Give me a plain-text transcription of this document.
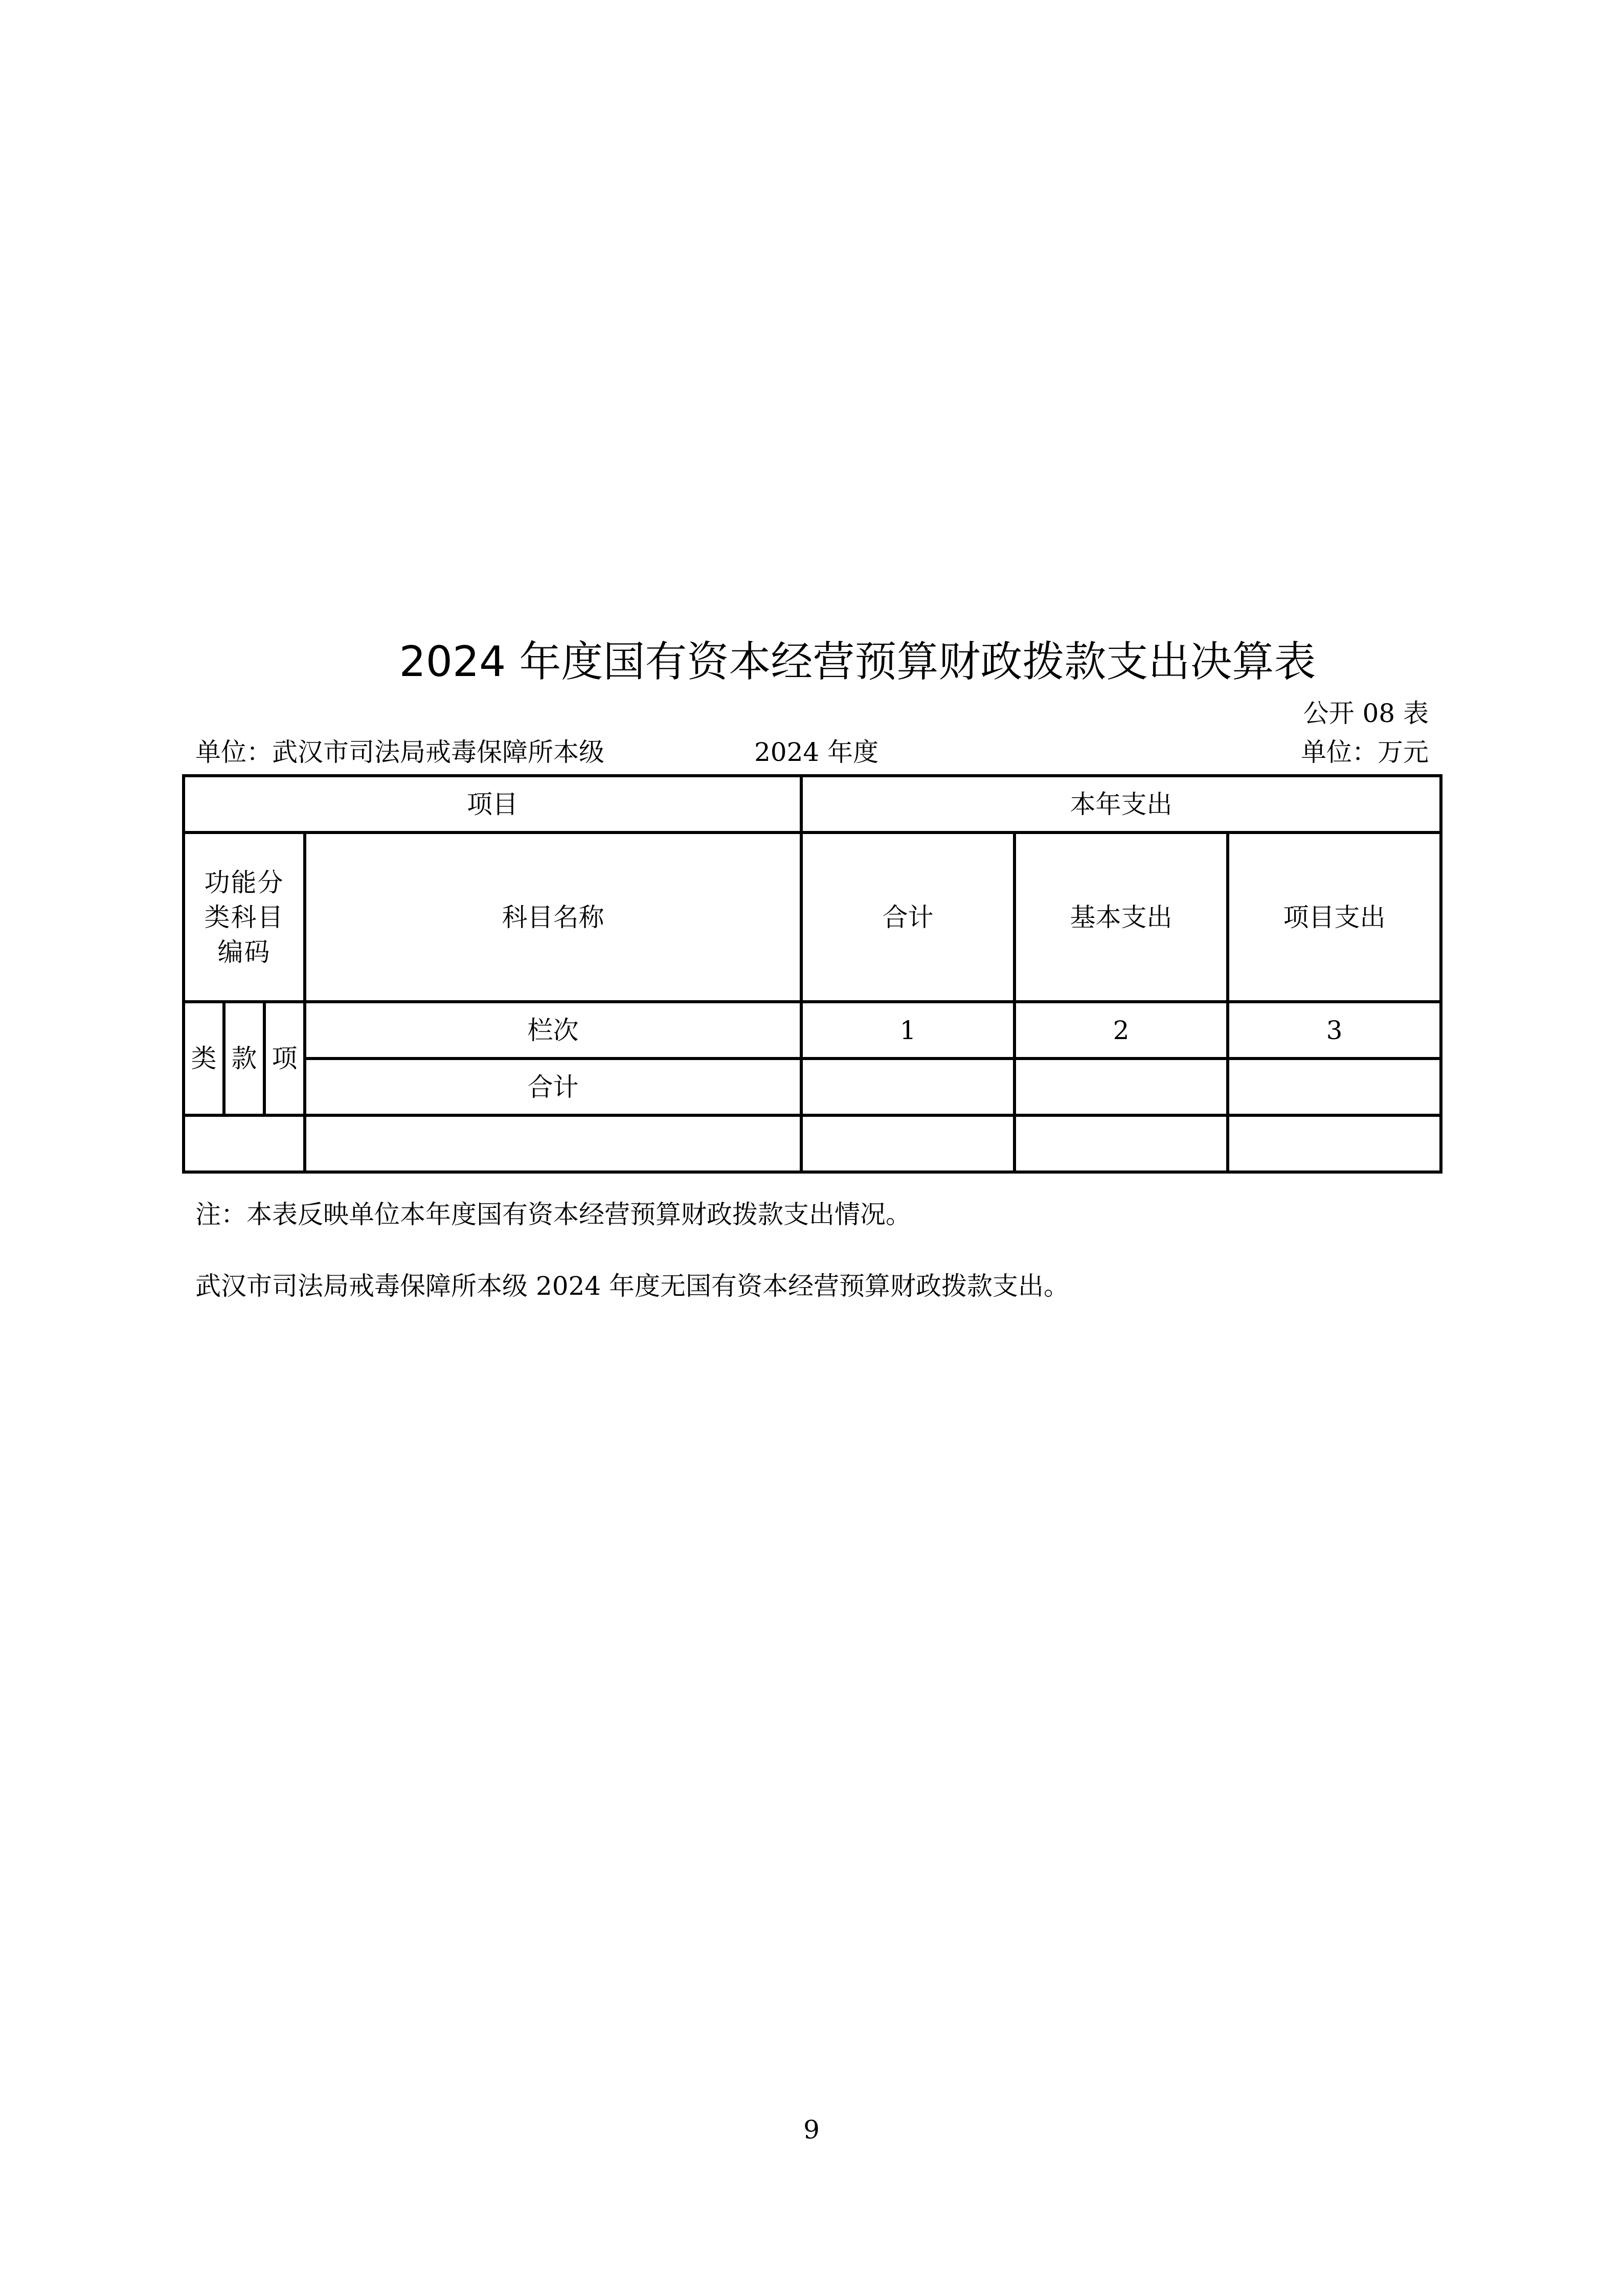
2024 年度国有资本经营预算财政拨款支出决算表
公开 08 表
单位：武汉市司法局戒毒保障所本级	2024 年度	单位：万元
项目				本年支出		

功能分
类科目
编码			科目名称	合计	基本支出	项目支出
类	款	项	栏次	1	2	3
			合计			

注：本表反映单位本年度国有资本经营预算财政拨款支出情况。
武汉市司法局戒毒保障所本级 2024 年度无国有资本经营预算财政拨款支出。
9
